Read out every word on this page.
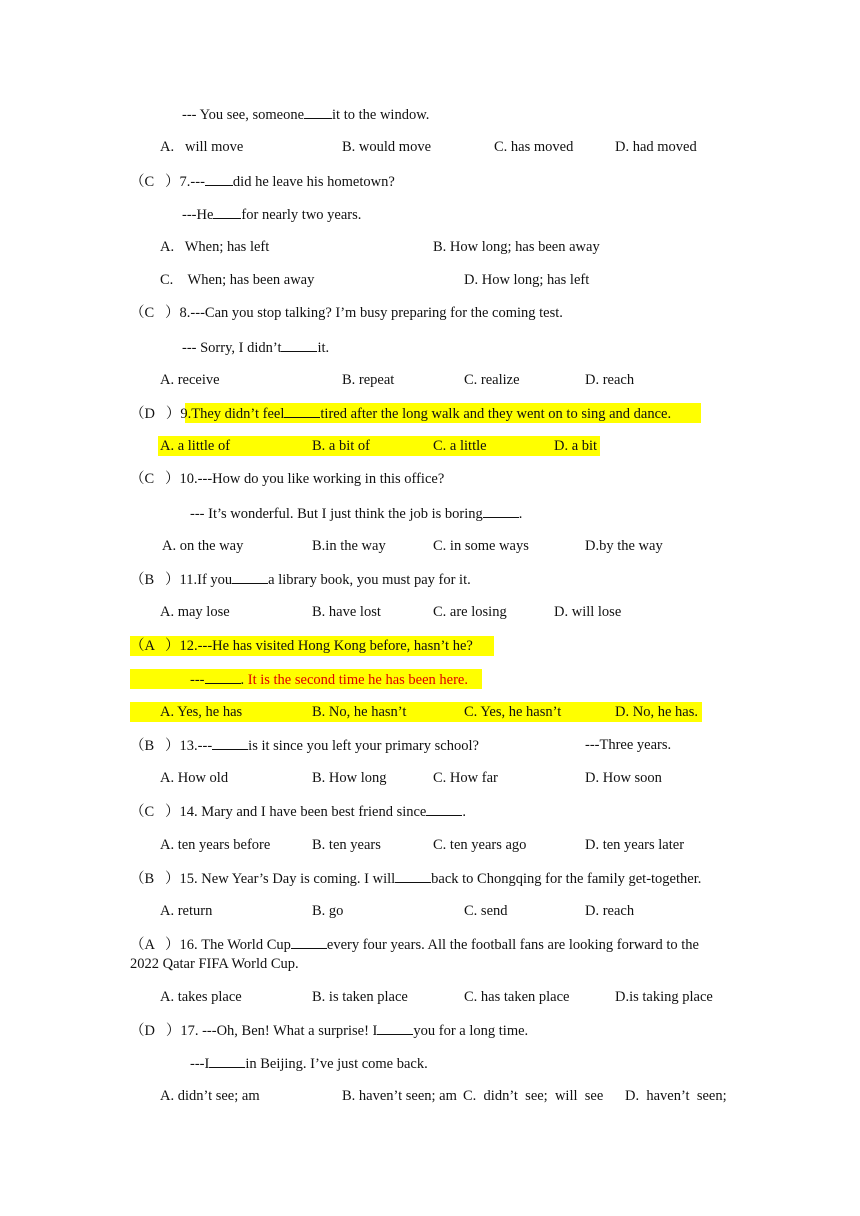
--- You see, someone it to the window.
A.   will move	B. would move	C. has moved	D. had moved
（C   ）7.--- did he leave his hometown?
---He for nearly two years.
A.   When; has left	B. How long; has been away
C.    When; has been away	D. How long; has left
（C   ）8.---Can you stop talking? I’m busy preparing for the coming test.
--- Sorry, I didn’t it.
A. receive	B. repeat	C. realize	D. reach
（D   ）9.They didn’t feel tired after the long walk and they went on to sing and dance.
A. a little of	B. a bit of	C. a little	D. a bit
（C   ）10.---How do you like working in this office?
--- It’s wonderful. But I just think the job is boring .
A. on the way	B.in the way	C. in some ways	D.by the way
（B   ）11.If you a library book, you must pay for it.
A. may lose	B. have lost	C. are losing	D. will lose
（A   ）12.---He has visited Hong Kong before, hasn’t he?
--- . It is the second time he has been here.
A. Yes, he has	B. No, he hasn’t	C. Yes, he hasn’t	D. No, he has.
（B   ）13.--- is it since you left your primary school?	---Three years.
A. How old	B. How long	C. How far	D. How soon
（C   ）14. Mary and I have been best friend since .
A. ten years before	B. ten years	C. ten years ago	D. ten years later
（B   ）15. New Year’s Day is coming. I will back to Chongqing for the family get-together.
A. return	B. go	C. send	D. reach
（A   ）16. The World Cup every four years. All the football fans are looking forward to the
2022 Qatar FIFA World Cup.
A. takes place	B. is taken place	C. has taken place	D.is taking place
（D   ）17. ---Oh, Ben! What a surprise! I you for a long time.
---I in Beijing. I’ve just come back.
A. didn’t see; am	B. haven’t seen; am C.  didn’t  see;  will  see D.  haven’t  seen;
